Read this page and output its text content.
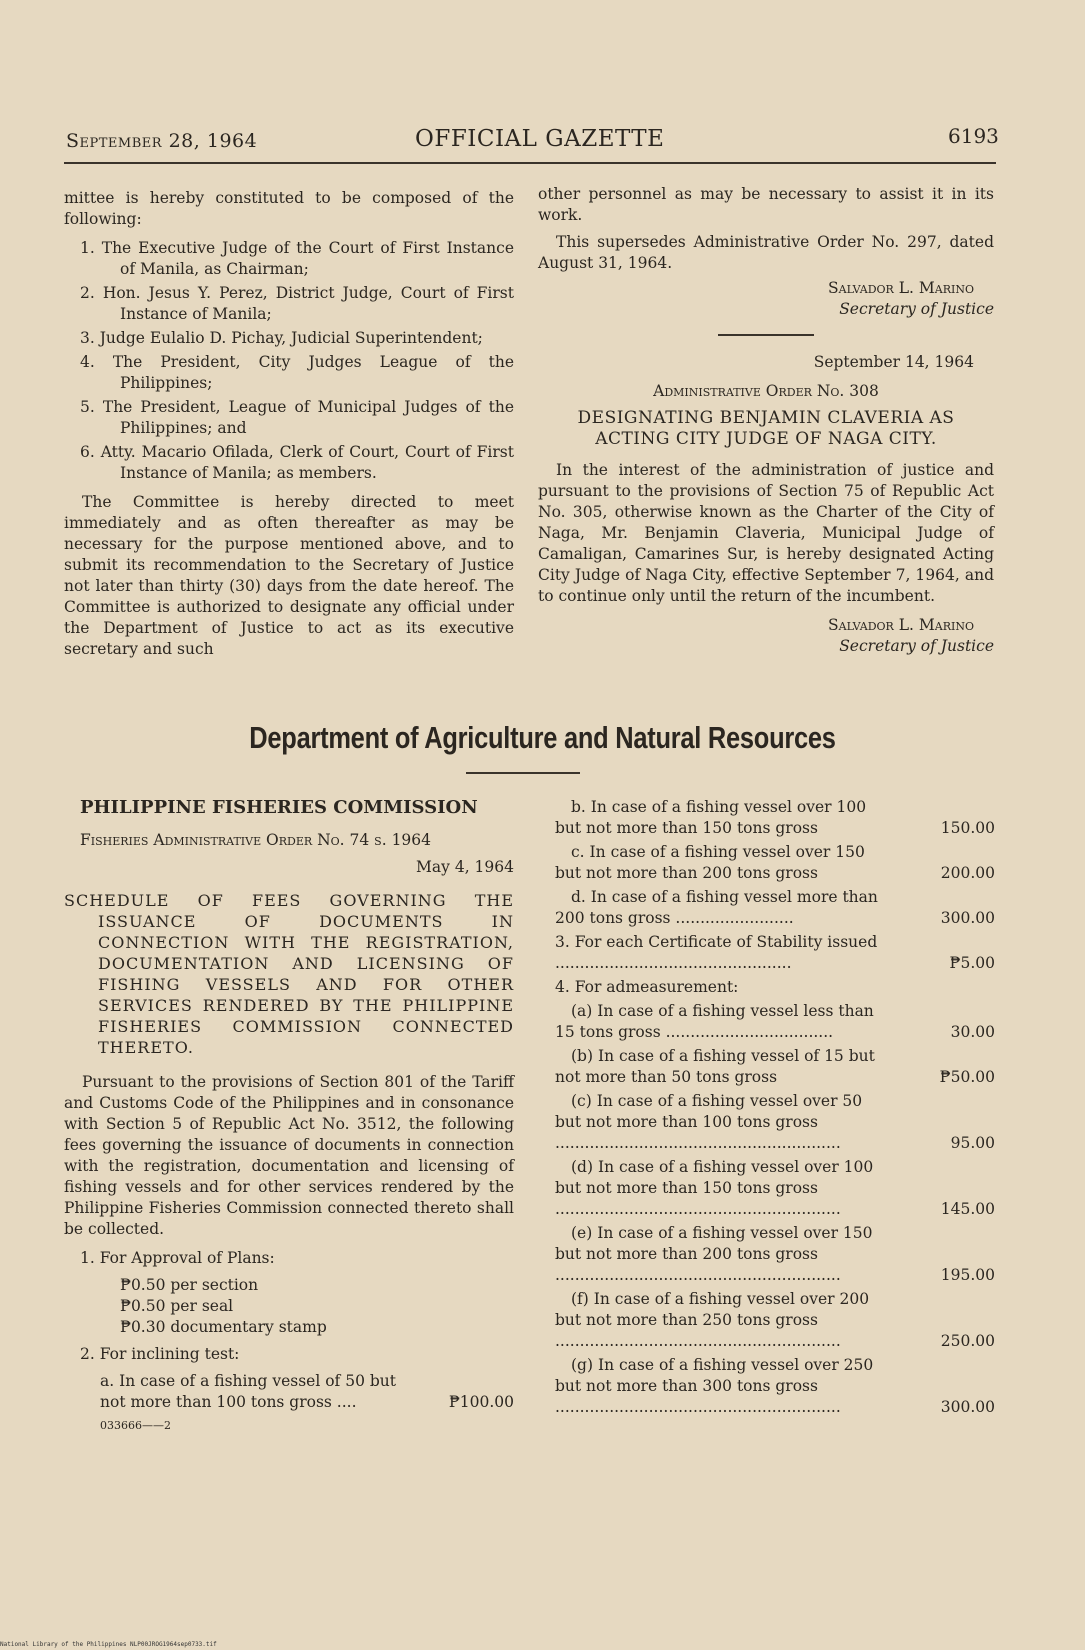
September 28, 1964	OFFICIAL GAZETTE	6193

mittee is hereby constituted to be composed of the following:

1. The Executive Judge of the Court of First Instance of Manila, as Chairman;
2. Hon. Jesus Y. Perez, District Judge, Court of First Instance of Manila;
3. Judge Eulalio D. Pichay, Judicial Superintendent;
4. The President, City Judges League of the Philippines;
5. The President, League of Municipal Judges of the Philippines; and
6. Atty. Macario Ofilada, Clerk of Court, Court of First Instance of Manila; as members.

The Committee is hereby directed to meet immediately and as often thereafter as may be necessary for the purpose mentioned above, and to submit its recommendation to the Secretary of Justice not later than thirty (30) days from the date hereof. The Committee is authorized to designate any official under the Department of Justice to act as its executive secretary and such

other personnel as may be necessary to assist it in its work.

This supersedes Administrative Order No. 297, dated August 31, 1964.

Salvador L. Marino
Secretary of Justice
September 14, 1964
Administrative Order No. 308
DESIGNATING BENJAMIN CLAVERIA AS ACTING CITY JUDGE OF NAGA CITY.

In the interest of the administration of justice and pursuant to the provisions of Section 75 of Republic Act No. 305, otherwise known as the Charter of the City of Naga, Mr. Benjamin Claveria, Municipal Judge of Camaligan, Camarines Sur, is hereby designated Acting City Judge of Naga City, effective September 7, 1964, and to continue only until the return of the incumbent.

Salvador L. Marino
Secretary of Justice
Department of Agriculture and Natural Resources
PHILIPPINE FISHERIES COMMISSION
Fisheries Administrative Order No. 74 s. 1964
May 4, 1964
SCHEDULE OF FEES GOVERNING THE ISSUANCE OF DOCUMENTS IN CONNECTION WITH THE REGISTRATION, DOCUMENTATION AND LICENSING OF FISHING VESSELS AND FOR OTHER SERVICES RENDERED BY THE PHILIPPINE FISHERIES COMMISSION CONNECTED THERETO.

Pursuant to the provisions of Section 801 of the Tariff and Customs Code of the Philippines and in consonance with Section 5 of Republic Act No. 3512, the following fees governing the issuance of documents in connection with the registration, documentation and licensing of fishing vessels and for other services rendered by the Philippine Fisheries Commission connected thereto shall be collected.

1. For Approval of Plans:
₱0.50 per section
₱0.50 per seal
₱0.30 documentary stamp
2. For inclining test:
a. In case of a fishing vessel of 50 but not more than 100 tons gross ....	₱100.00
033666——2
b. In case of a fishing vessel over 100 but not more than 150 tons gross	150.00
c. In case of a fishing vessel over 150 but not more than 200 tons gross	200.00
d. In case of a fishing vessel more than 200 tons gross ........................	300.00
3. For each Certificate of Stability issued ................................................	₱5.00
4. For admeasurement:
(a) In case of a fishing vessel less than 15 tons gross ..................................	30.00
(b) In case of a fishing vessel of 15 but not more than 50 tons gross	₱50.00
(c) In case of a fishing vessel over 50 but not more than 100 tons gross ..........................................................	95.00
(d) In case of a fishing vessel over 100 but not more than 150 tons gross ..........................................................	145.00
(e) In case of a fishing vessel over 150 but not more than 200 tons gross ..........................................................	195.00
(f) In case of a fishing vessel over 200 but not more than 250 tons gross ..........................................................	250.00
(g) In case of a fishing vessel over 250 but not more than 300 tons gross ..........................................................	300.00
National Library of the Philippines NLP00JROG1964sep0733.tif
